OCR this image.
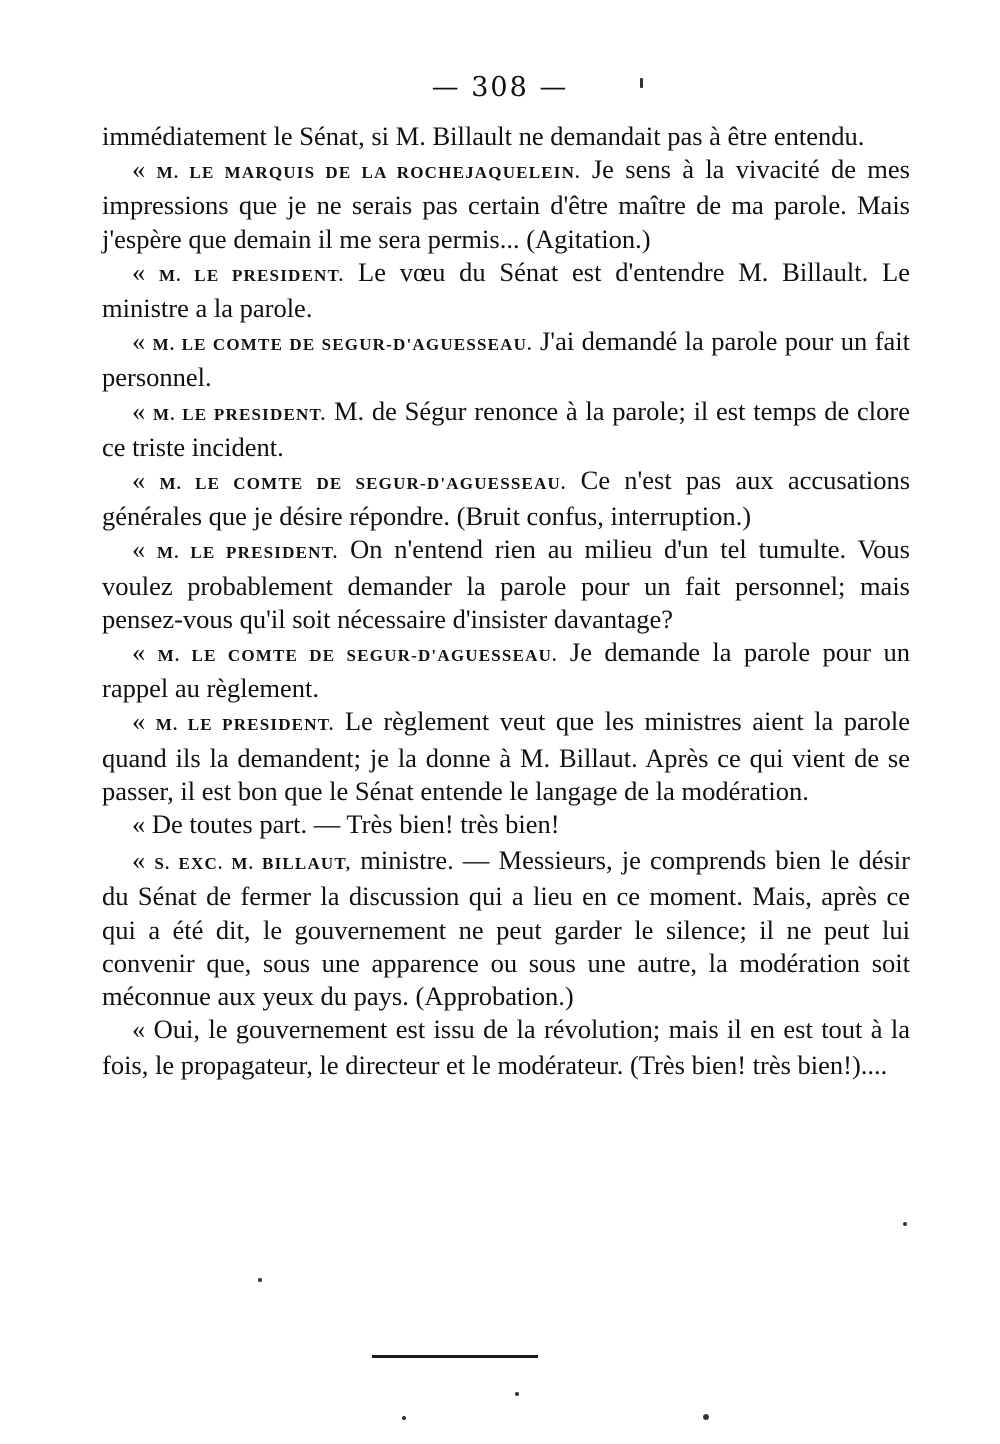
— 308 —

immédiatement le Sénat, si M. Billault ne demandait pas à être entendu.

« M. LE MARQUIS DE LA ROCHEJAQUELEIN. Je sens à la vivacité de mes impressions que je ne serais pas certain d'être maître de ma parole. Mais j'espère que demain il me sera permis... (Agitation.)

« M. LE PRESIDENT. Le vœu du Sénat est d'entendre M. Billault. Le ministre a la parole.

« M. LE COMTE DE SEGUR-D'AGUESSEAU. J'ai demandé la parole pour un fait personnel.

« M. LE PRESIDENT. M. de Ségur renonce à la parole; il est temps de clore ce triste incident.

« M. LE COMTE DE SEGUR-D'AGUESSEAU. Ce n'est pas aux accusations générales que je désire répondre. (Bruit confus, interruption.)

« M. LE PRESIDENT. On n'entend rien au milieu d'un tel tumulte. Vous voulez probablement demander la parole pour un fait personnel; mais pensez-vous qu'il soit nécessaire d'insister davantage?

« M. LE COMTE DE SEGUR-D'AGUESSEAU. Je demande la parole pour un rappel au règlement.

« M. LE PRESIDENT. Le règlement veut que les ministres aient la parole quand ils la demandent; je la donne à M. Billaut. Après ce qui vient de se passer, il est bon que le Sénat entende le langage de la modération.

« De toutes part. — Très bien! très bien!

« S. EXC. M. BILLAUT, ministre. — Messieurs, je comprends bien le désir du Sénat de fermer la discussion qui a lieu en ce moment. Mais, après ce qui a été dit, le gouvernement ne peut garder le silence; il ne peut lui convenir que, sous une apparence ou sous une autre, la modération soit méconnue aux yeux du pays. (Approbation.)

« Oui, le gouvernement est issu de la révolution; mais il en est tout à la fois, le propagateur, le directeur et le modérateur. (Très bien! très bien!)....
